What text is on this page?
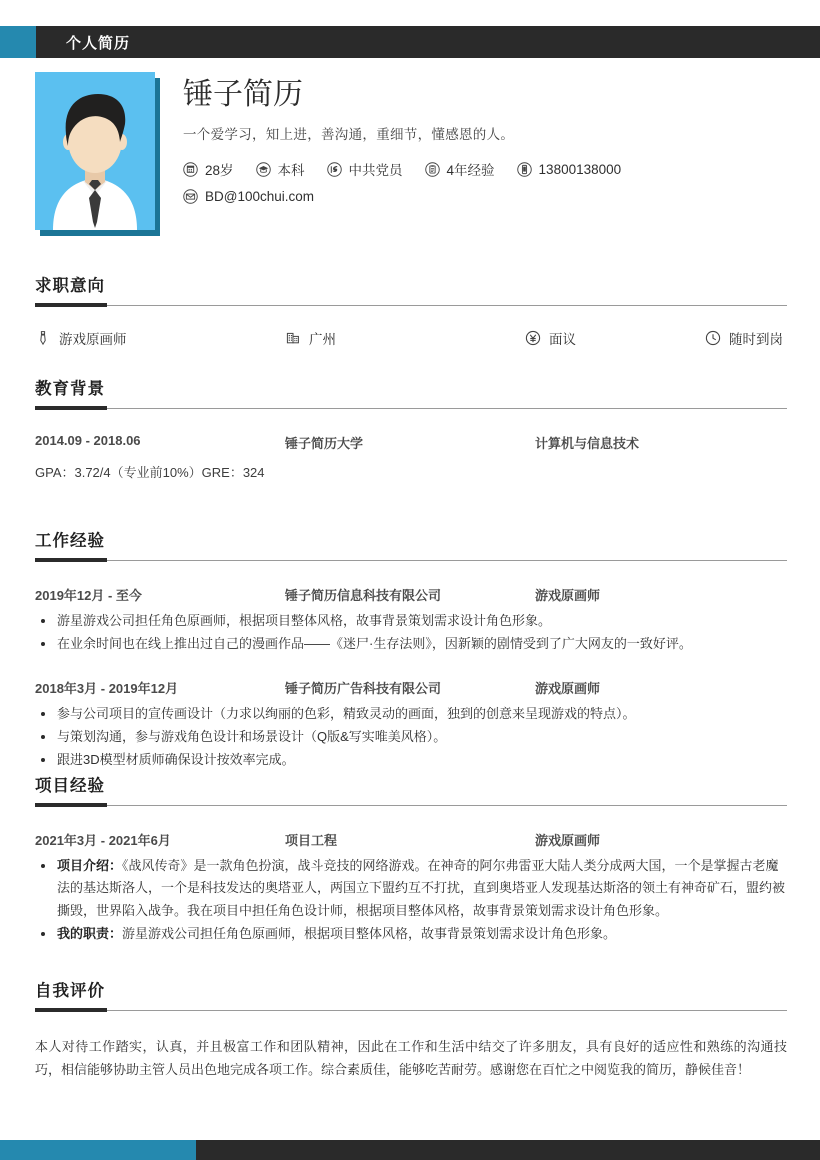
个人简历
锤子简历
一个爱学习，知上进，善沟通，重细节，懂感恩的人。
28岁	本科	中共党员	4年经验	13800138000
BD@100chui.com
求职意向
游戏原画师	广州	面议	随时到岗
教育背景
2014.09 - 2018.06	锤子简历大学	计算机与信息技术
GPA：3.72/4（专业前10%）GRE：324
工作经验
2019年12月 - 至今	锤子简历信息科技有限公司	游戏原画师
游星游戏公司担任角色原画师，根据项目整体风格，故事背景策划需求设计角色形象。
在业余时间也在线上推出过自己的漫画作品——《迷尸·生存法则》，因新颖的剧情受到了广大网友的一致好评。
2018年3月 - 2019年12月	锤子简历广告科技有限公司	游戏原画师
参与公司项目的宣传画设计（力求以绚丽的色彩，精致灵动的画面，独到的创意来呈现游戏的特点）。
与策划沟通，参与游戏角色设计和场景设计（Q版&写实唯美风格）。
跟进3D模型材质师确保设计按效率完成。
项目经验
2021年3月 - 2021年6月	项目工程	游戏原画师
项目介绍：《战风传奇》是一款角色扮演，战斗竞技的网络游戏。在神奇的阿尔弗雷亚大陆人类分成两大国，一个是掌握古老魔法的基达斯洛人，一个是科技发达的奥塔亚人，两国立下盟约互不打扰，直到奥塔亚人发现基达斯洛的领土有神奇矿石，盟约被撕毁，世界陷入战争。我在项目中担任角色设计师，根据项目整体风格，故事背景策划需求设计角色形象。
我的职责：游星游戏公司担任角色原画师，根据项目整体风格，故事背景策划需求设计角色形象。
自我评价
本人对待工作踏实，认真，并且极富工作和团队精神，因此在工作和生活中结交了许多朋友，具有良好的适应性和熟练的沟通技巧，相信能够协助主管人员出色地完成各项工作。综合素质佳，能够吃苦耐劳。感谢您在百忙之中阅览我的简历，静候佳音！
